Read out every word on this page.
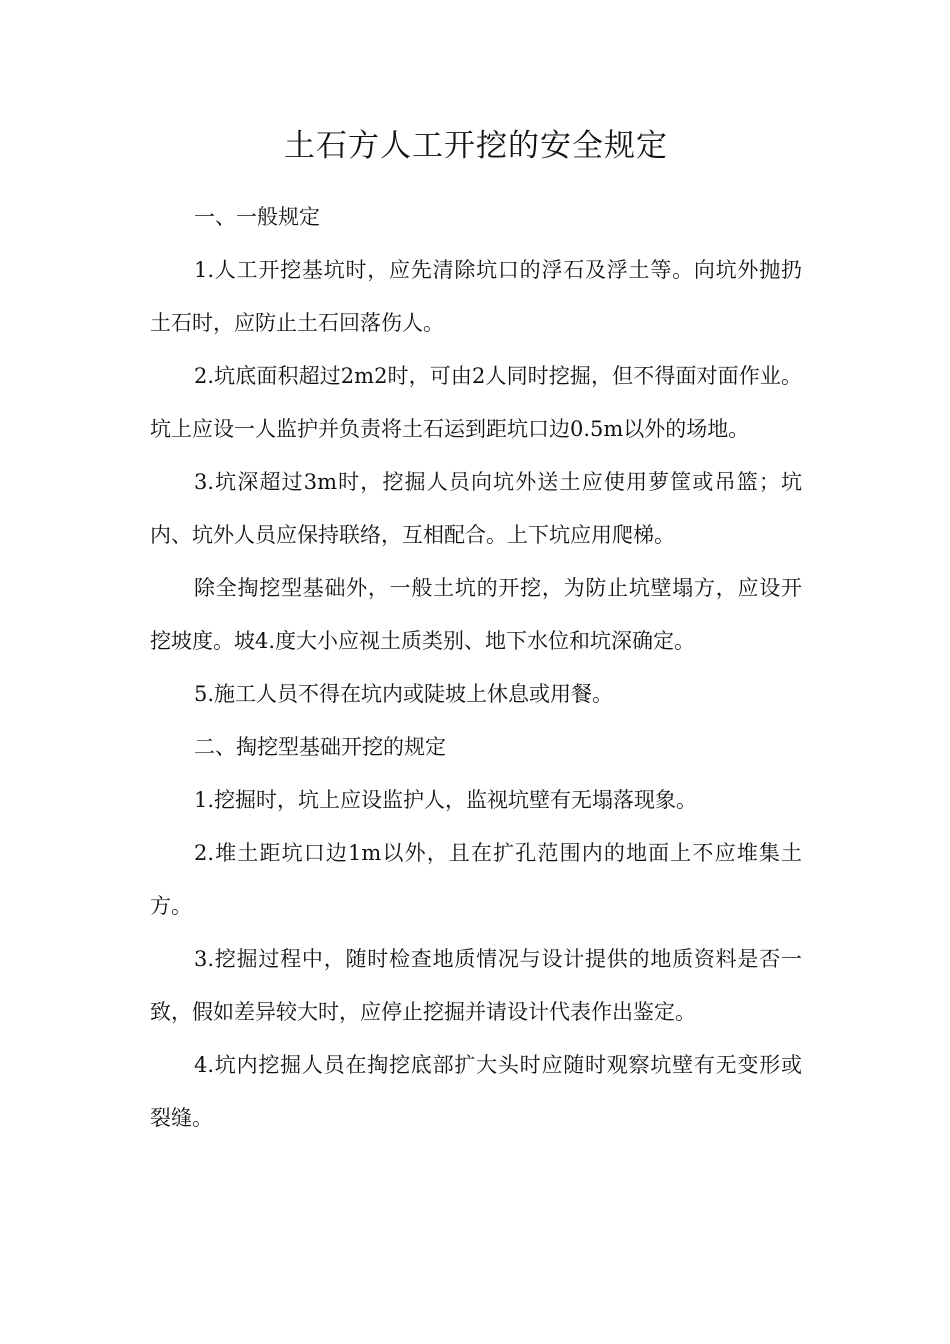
土石方人工开挖的安全规定

一、一般规定

1.人工开挖基坑时，应先清除坑口的浮石及浮土等。向坑外抛扔土石时，应防止土石回落伤人。

2.坑底面积超过2m2时，可由2人同时挖掘，但不得面对面作业。坑上应设一人监护并负责将土石运到距坑口边0.5m以外的场地。

3.坑深超过3m时，挖掘人员向坑外送土应使用萝筐或吊篮；坑内、坑外人员应保持联络，互相配合。上下坑应用爬梯。

除全掏挖型基础外，一般土坑的开挖，为防止坑壁塌方，应设开挖坡度。坡4.度大小应视土质类别、地下水位和坑深确定。

5.施工人员不得在坑内或陡坡上休息或用餐。

二、掏挖型基础开挖的规定

1.挖掘时，坑上应设监护人，监视坑壁有无塌落现象。

2.堆土距坑口边1m以外，且在扩孔范围内的地面上不应堆集土方。

3.挖掘过程中，随时检查地质情况与设计提供的地质资料是否一致，假如差异较大时，应停止挖掘并请设计代表作出鉴定。

4.坑内挖掘人员在掏挖底部扩大头时应随时观察坑壁有无变形或裂缝。
